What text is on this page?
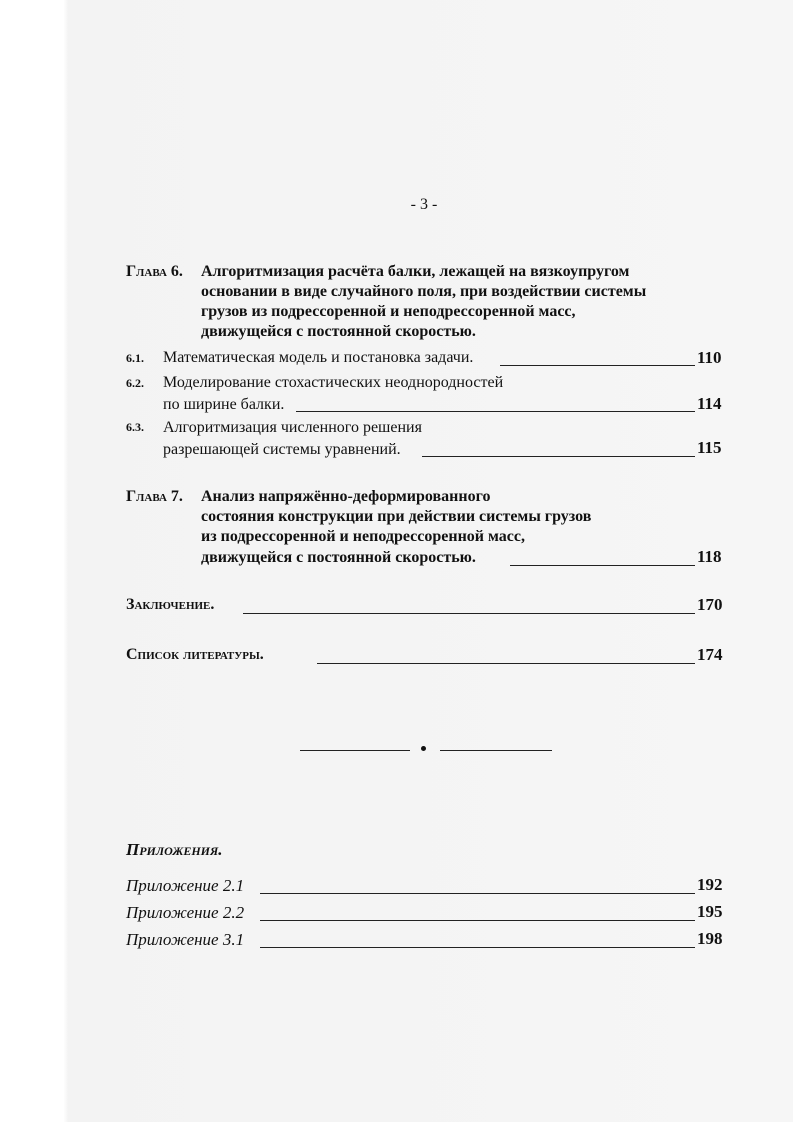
- 3 -
Глава 6. Алгоритмизация расчёта балки, лежащей на вязкоупругом
основании в виде случайного поля, при воздействии системы
грузов из подрессоренной и неподрессоренной масс,
движущейся с постоянной скоростью.
6.1. Математическая модель и постановка задачи.	110
6.2. Моделирование стохастических неоднородностей
по ширине балки.	114
6.3. Алгоритмизация численного решения
разрешающей системы уравнений.	115
Глава 7. Анализ напряжённо-деформированного
состояния конструкции при действии системы грузов
из подрессоренной и неподрессоренной масс,
движущейся с постоянной скоростью.	118
Заключение.	170
Список литературы.	174
Приложения.
Приложение 2.1	192
Приложение 2.2	195
Приложение 3.1	198
